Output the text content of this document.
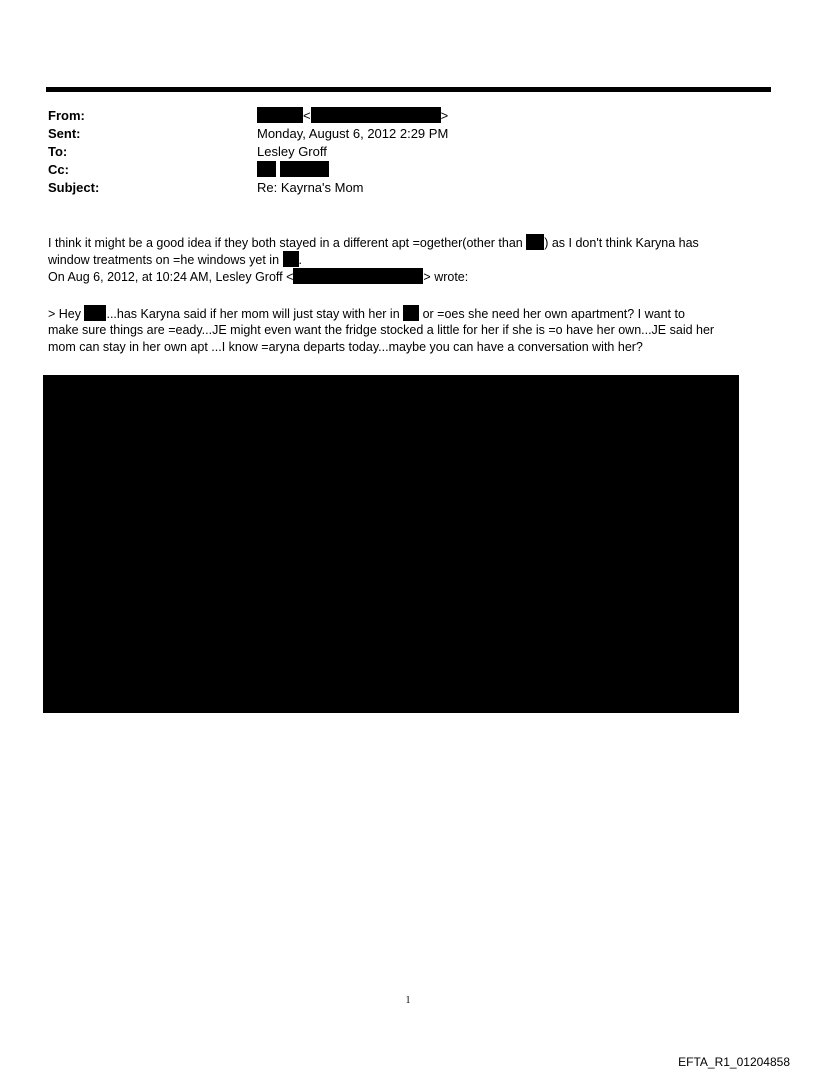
From:
Sent:
To:
Cc:
Subject:
<	>
Monday, August 6, 2012 2:29 PM
Lesley Groff

Re: Kayrna's Mom
I think it might be a good idea if they both stayed in a different apt =ogether(other than ) as I don't think Karyna has
window treatments on =he windows yet in .
On Aug 6, 2012, at 10:24 AM, Lesley Groff <	> wrote:
> Hey ...has Karyna said if her mom will just stay with her in  or =oes she need her own apartment? I want to
make sure things are =eady...JE might even want the fridge stocked a little for her if she is =o have her own...JE said her
mom can stay in her own apt ...I know =aryna departs today...maybe you can have a conversation with her?
1
EFTA_R1_01204858
